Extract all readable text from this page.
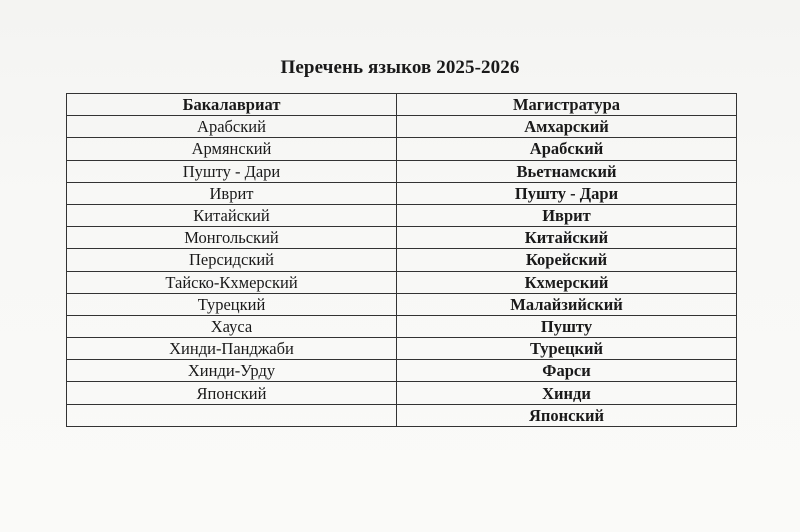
Перечень языков 2025-2026
Бакалавриат	Магистратура
Арабский	Амхарский
Армянский	Арабский
Пушту - Дари	Вьетнамский
Иврит	Пушту - Дари
Китайский	Иврит
Монгольский	Китайский
Персидский	Корейский
Тайско-Кхмерский	Кхмерский
Турецкий	Малайзийский
Хауса	Пушту
Хинди-Панджаби	Турецкий
Хинди-Урду	Фарси
Японский	Хинди
	Японский
